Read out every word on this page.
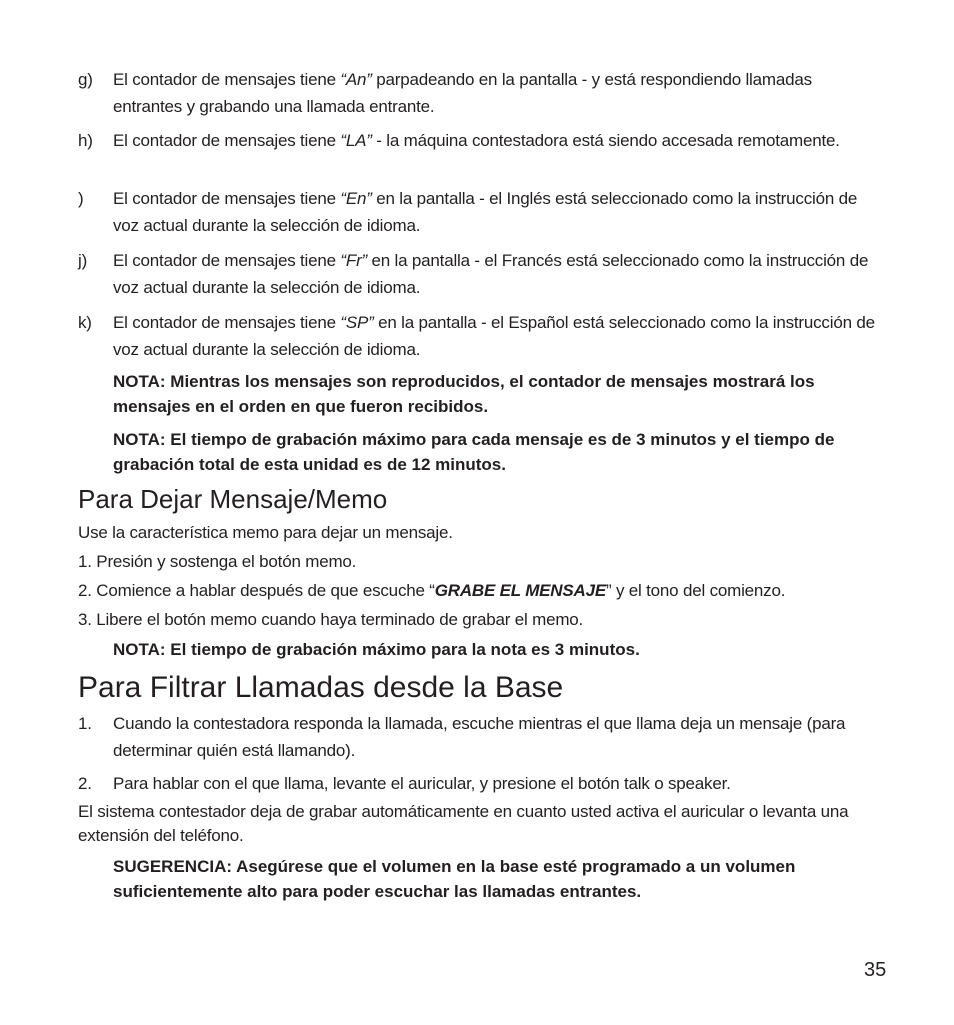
g) El contador de mensajes tiene “An” parpadeando en la pantalla - y está respondiendo llamadas entrantes y grabando una llamada entrante.
h) El contador de mensajes tiene “LA” - la máquina contestadora está siendo accesada remotamente.
) El contador de mensajes tiene “En” en la pantalla - el Inglés está seleccionado como la instrucción de voz actual durante la selección de idioma.
j) El contador de mensajes tiene “Fr” en la pantalla - el Francés está seleccionado como la instrucción de voz actual durante la selección de idioma.
k) El contador de mensajes tiene “SP” en la pantalla - el Español está seleccionado como la instrucción de voz actual durante la selección de idioma.
NOTA: Mientras los mensajes son reproducidos, el contador de mensajes mostrará los mensajes en el orden en que fueron recibidos.
NOTA: El tiempo de grabación máximo para cada mensaje es de 3 minutos y el tiempo de grabación total de esta unidad es de 12 minutos.
Para Dejar Mensaje/Memo
Use la característica memo para dejar un mensaje.
1. Presión y sostenga el botón memo.
2. Comience a hablar después de que escuche “GRABE EL MENSAJE” y el tono del comienzo.
3. Libere el botón memo cuando haya terminado de grabar el memo.
NOTA: El tiempo de grabación máximo para la nota es 3 minutos.
Para Filtrar Llamadas desde la Base
1. Cuando la contestadora responda la llamada, escuche mientras el que llama deja un mensaje (para determinar quién está llamando).
2. Para hablar con el que llama, levante el auricular, y presione el botón talk o speaker.
El sistema contestador deja de grabar automáticamente en cuanto usted activa el auricular o levanta una extensión del teléfono.
SUGERENCIA: Asegúrese que el volumen en la base esté programado a un volumen suficientemente alto para poder escuchar las llamadas entrantes.
35
